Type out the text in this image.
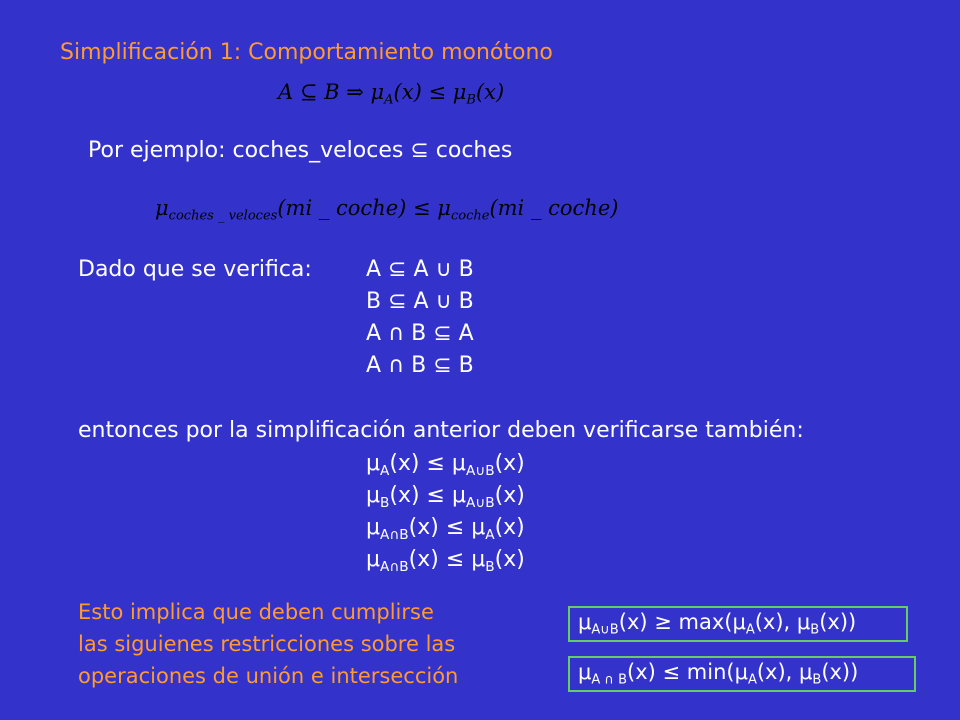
Simplificación 1: Comportamiento monótono
A ⊆ B ⇒ $\mu_A(x) \le \mu_B(x)$
Por ejemplo: coches_veloces ⊆ coches
$\mu_{coches \_ veloces}(mi$ _ coche) ≤ $\mu_{coche}(mi$ _ coche)
Dado que se verifica: A ⊆ A ∪ B
B ⊆ A ∪ B
A ∩ B ⊆ A
A ∩ B ⊆ B
entonces por la simplificación anterior deben verificarse también:
$\mu_A(x) \le \mu_{A\cup B}(x)$
$\mu_B(x) \le \mu_{A\cup B}(x)$
$\mu_{A\cap B}(x) \le \mu_A(x)$
$\mu_{A\cap B}(x) \le \mu_B(x)$
Esto implica que deben cumplirse
las siguienes restricciones sobre las
operaciones de unión e intersección
$\mu_{A\cup B}(x) \ge \max(\mu_A(x)$, $\mu_B(x)$)
$\mu_{A \cap B}(x) \le \min(\mu_A(x)$, $\mu_B(x)$)
